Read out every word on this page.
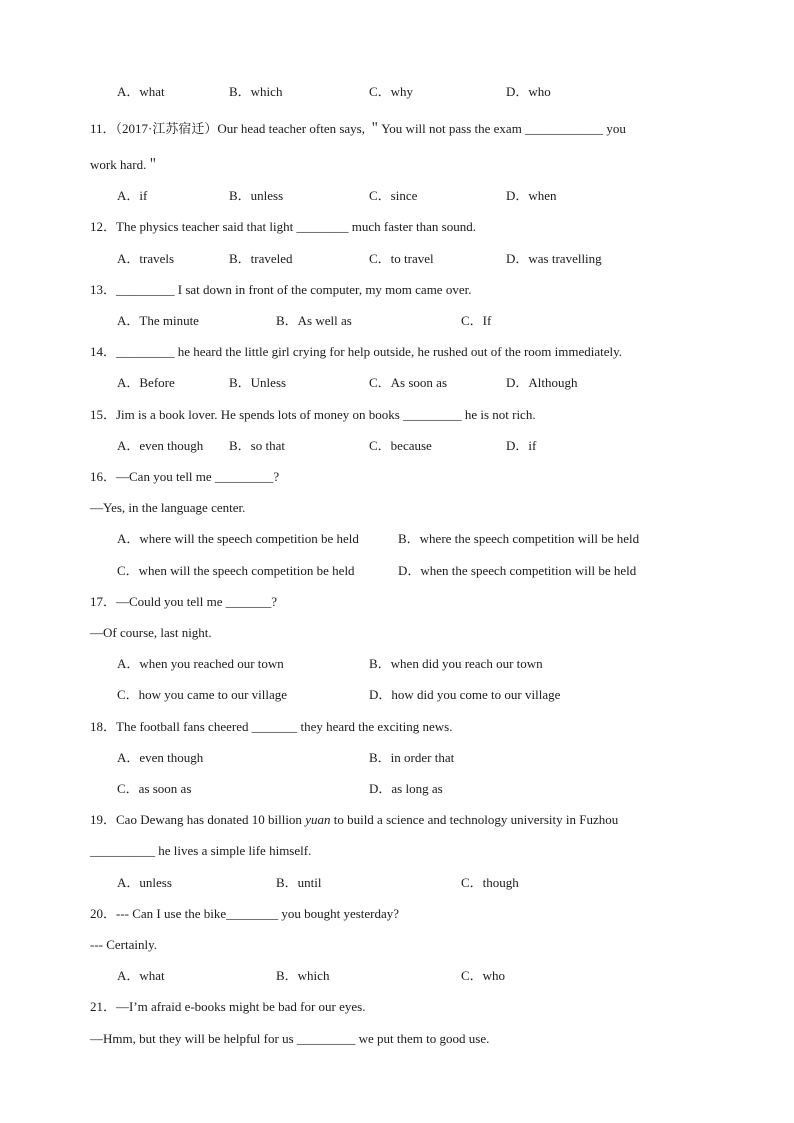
A．what	B．which	C．why	D．who
11．（2017·江苏宿迁）Our head teacher often says, ＂You will not pass the exam ____________ you
work hard.＂
A．if	B．unless	C．since	D．when
12．The physics teacher said that light ________ much faster than sound.
A．travels	B．traveled	C．to travel	D．was travelling
13．_________ I sat down in front of the computer, my mom came over.
A．The minute	B．As well as	C．If
14．_________ he heard the little girl crying for help outside, he rushed out of the room immediately.
A．Before	B．Unless	C．As soon as	D．Although
15．Jim is a book lover. He spends lots of money on books _________ he is not rich.
A．even though B．so that	C．because	D．if
16．—Can you tell me _________?
—Yes, in the language center.
A．where will the speech competition be held	B．where the speech competition will be held
C．when will the speech competition be held	D．when the speech competition will be held
17．—Could you tell me _______?
—Of course, last night.
A．when you reached our town	B．when did you reach our town
C．how you came to our village	D．how did you come to our village
18．The football fans cheered _______ they heard the exciting news.
A．even though	B．in order that
C．as soon as	D．as long as
19．Cao Dewang has donated 10 billion yuan to build a science and technology university in Fuzhou
__________ he lives a simple life himself.
A．unless	B．until	C．though
20．--- Can I use the bike________ you bought yesterday?
--- Certainly.
A．what	B．which	C．who
21．—I’m afraid e-books might be bad for our eyes.
—Hmm, but they will be helpful for us _________ we put them to good use.
